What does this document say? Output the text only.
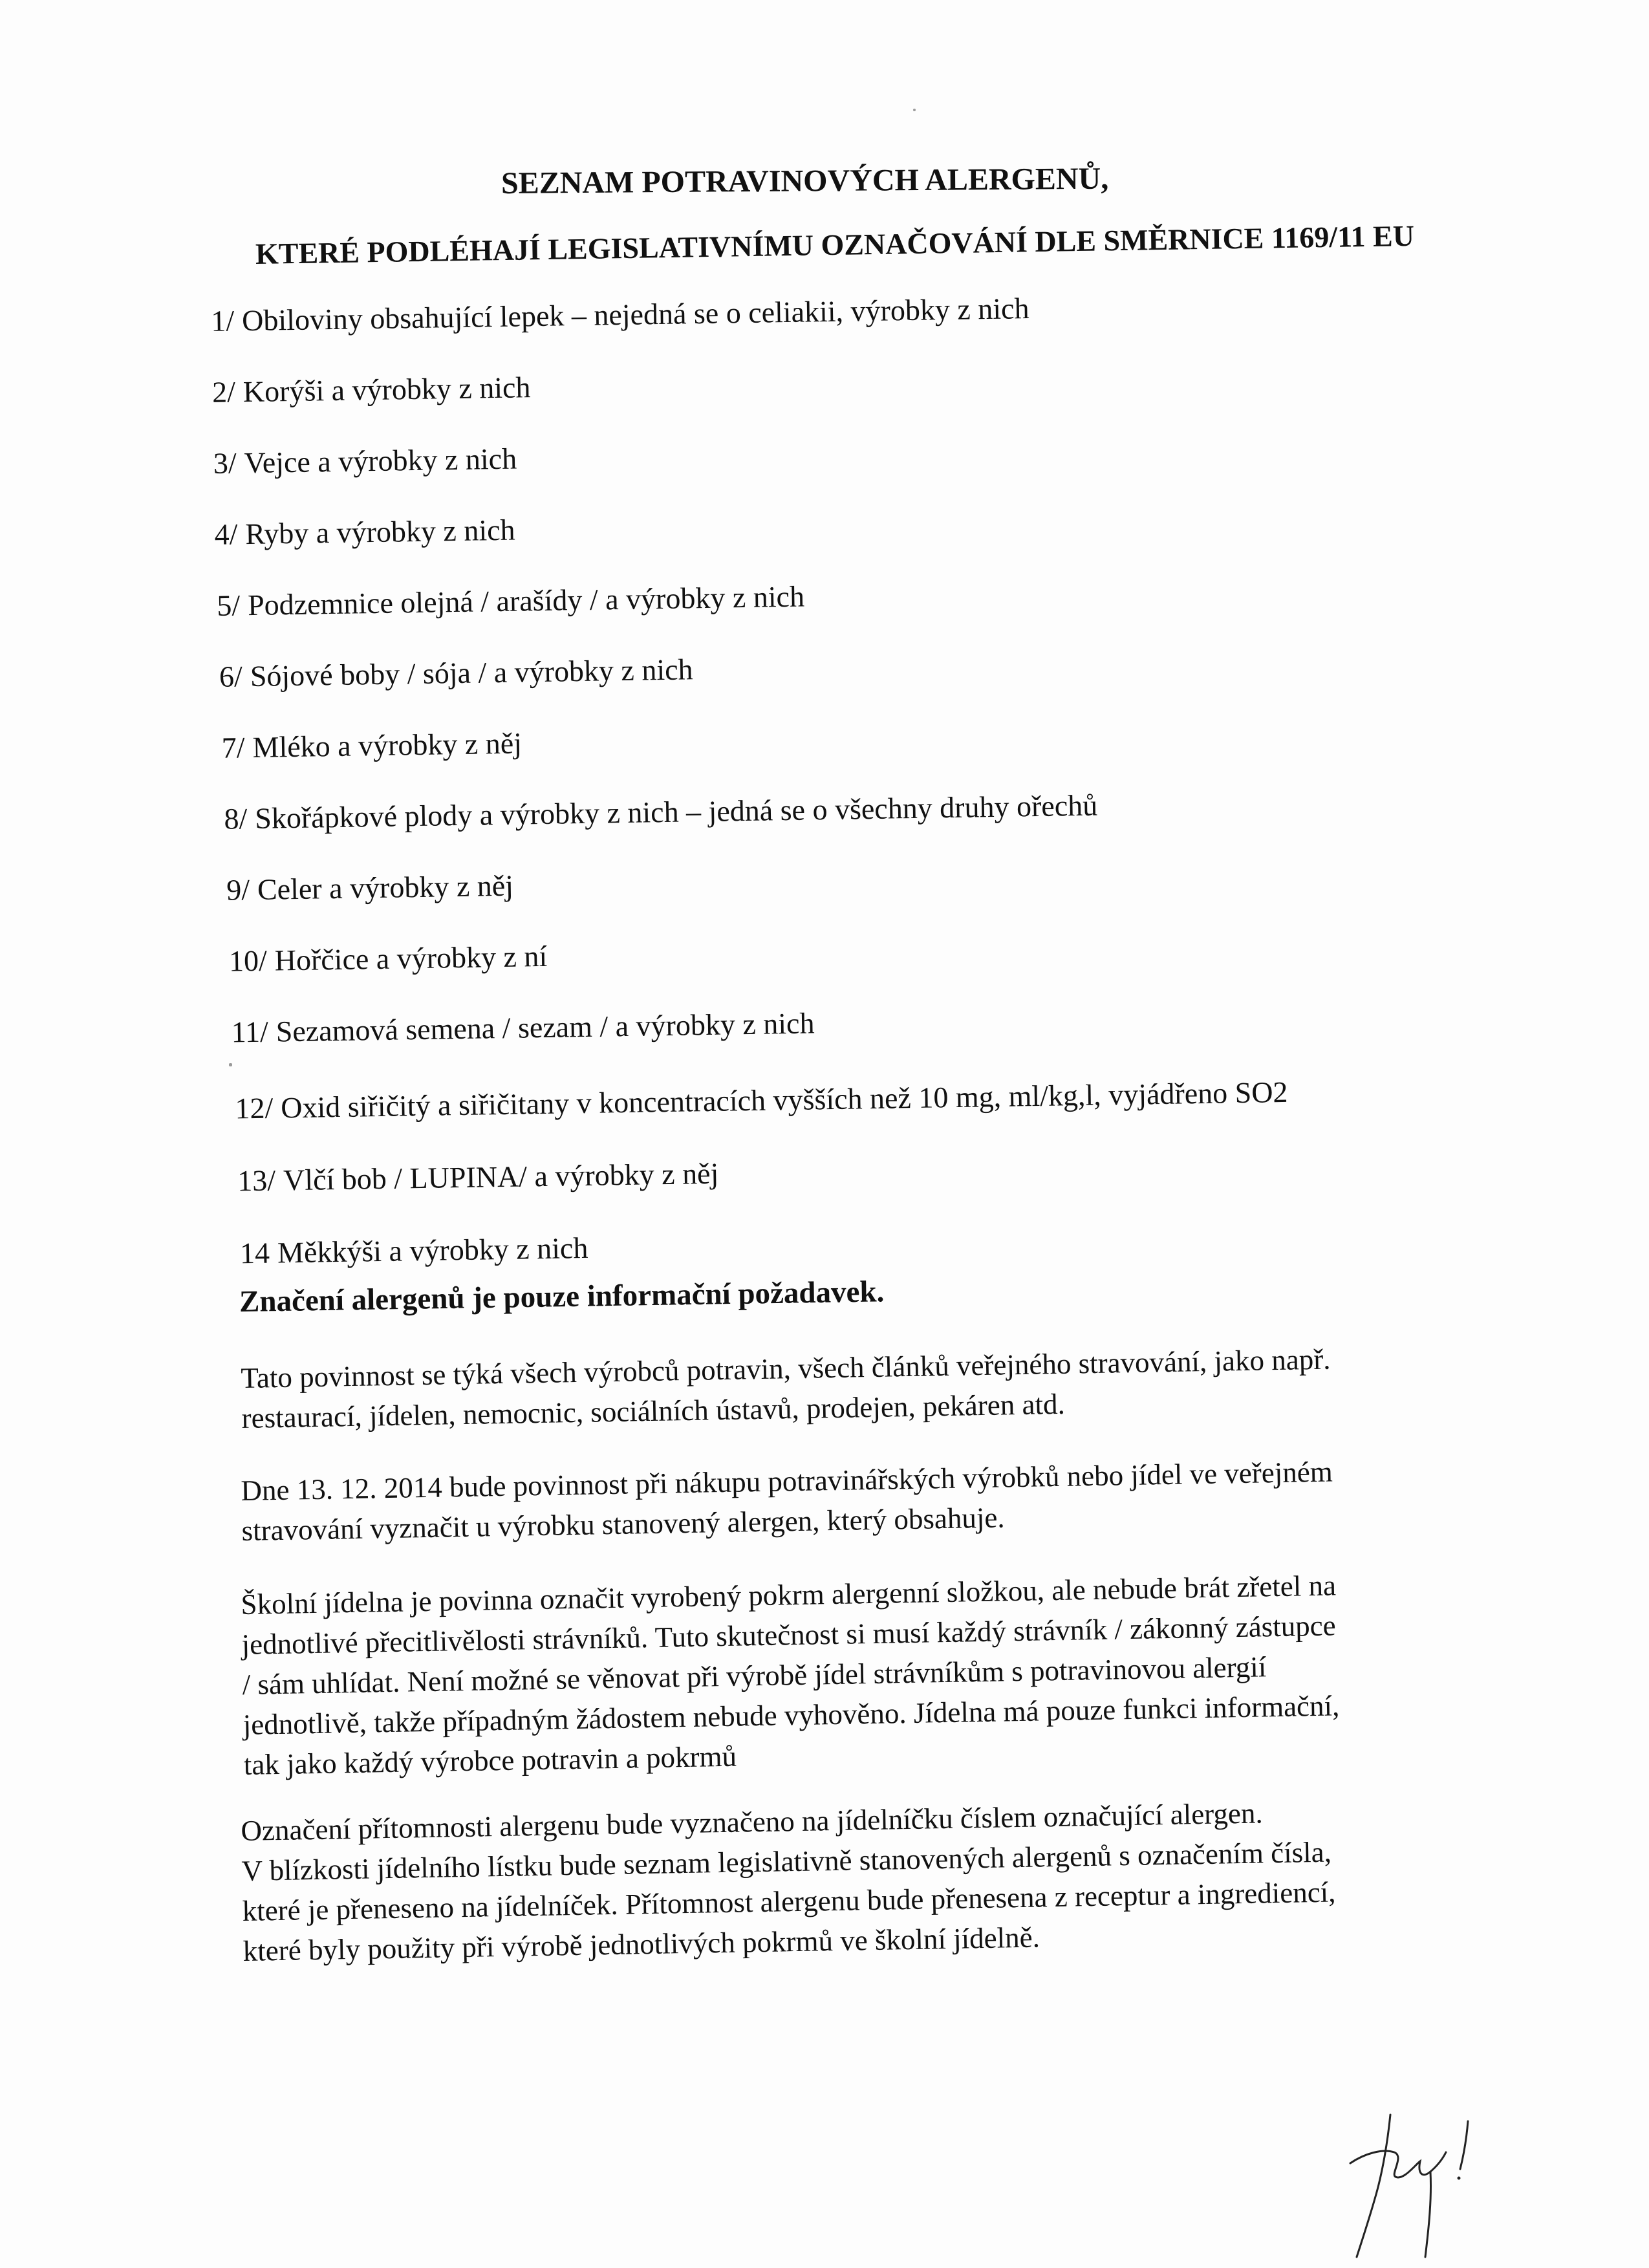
SEZNAM POTRAVINOVÝCH ALERGENŮ,
KTERÉ PODLÉHAJÍ LEGISLATIVNÍMU OZNAČOVÁNÍ DLE SMĚRNICE 1169/11 EU
1/ Obiloviny obsahující lepek – nejedná se o celiakii, výrobky z nich
2/ Korýši a výrobky z nich
3/ Vejce a výrobky z nich
4/ Ryby a výrobky z nich
5/ Podzemnice olejná / arašídy / a výrobky z nich
6/ Sójové boby / sója / a výrobky z nich
7/ Mléko a výrobky z něj
8/ Skořápkové plody a výrobky z nich – jedná se o všechny druhy ořechů
9/ Celer a výrobky z něj
10/ Hořčice a výrobky z ní
11/ Sezamová semena / sezam / a výrobky z nich
12/ Oxid siřičitý a siřičitany v koncentracích vyšších než 10 mg, ml/kg,l, vyjádřeno SO2
13/ Vlčí bob / LUPINA/ a výrobky z něj
14 Měkkýši a výrobky z nich
Značení alergenů je pouze informační požadavek.
Tato povinnost se týká všech výrobců potravin, všech článků veřejného stravování, jako např.
restaurací, jídelen, nemocnic, sociálních ústavů, prodejen, pekáren atd.
Dne 13. 12. 2014 bude povinnost při nákupu potravinářských výrobků nebo jídel ve veřejném
stravování vyznačit u výrobku stanovený alergen, který obsahuje.
Školní jídelna je povinna označit vyrobený pokrm alergenní složkou, ale nebude brát zřetel na
jednotlivé přecitlivělosti strávníků. Tuto skutečnost si musí každý strávník / zákonný zástupce
/ sám uhlídat. Není možné se věnovat při výrobě jídel strávníkům s potravinovou alergií
jednotlivě, takže případným žádostem nebude vyhověno. Jídelna má pouze funkci informační,
tak jako každý výrobce potravin a pokrmů
Označení přítomnosti alergenu bude vyznačeno na jídelníčku číslem označující alergen.
V blízkosti jídelního lístku bude seznam legislativně stanovených alergenů s označením čísla,
které je přeneseno na jídelníček. Přítomnost alergenu bude přenesena z receptur a ingrediencí,
které byly použity při výrobě jednotlivých pokrmů ve školní jídelně.
